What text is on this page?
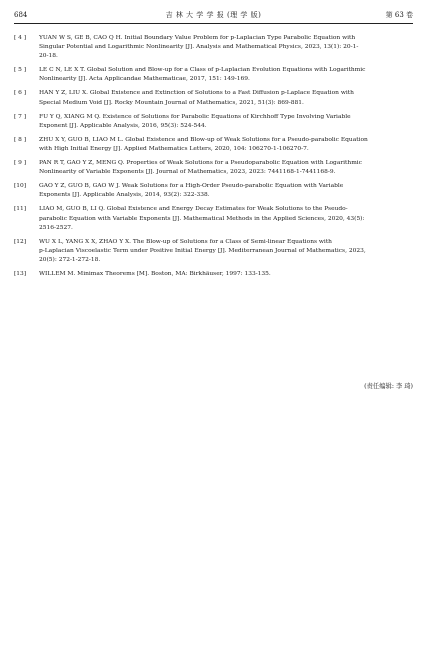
684	吉 林 大 学 学 报 (理 学 版)	第 63 卷
[ 4 ]	YUAN W S, GE B, CAO Q H. Initial Boundary Value Problem for p-Laplacian Type Parabolic Equation with
Singular Potential and Logarithmic Nonlinearity [J]. Analysis and Mathematical Physics, 2023, 13(1): 20-1-
20-18.
[ 5 ]	LE C N, LE X T. Global Solution and Blow-up for a Class of p-Laplacian Evolution Equations with Logarithmic
Nonlinearity [J]. Acta Applicandae Mathematicae, 2017, 151: 149-169.
[ 6 ]	HAN Y Z, LIU X. Global Existence and Extinction of Solutions to a Fast Diffusion p-Laplace Equation with
Special Medium Void [J]. Rocky Mountain Journal of Mathematics, 2021, 51(3): 869-881.
[ 7 ]	FU Y Q, XIANG M Q. Existence of Solutions for Parabolic Equations of Kirchhoff Type Involving Variable
Exponent [J]. Applicable Analysis, 2016, 95(3): 524-544.
[ 8 ]	ZHU X Y, GUO B, LIAO M L. Global Existence and Blow-up of Weak Solutions for a Pseudo-parabolic Equation
with High Initial Energy [J]. Applied Mathematics Letters, 2020, 104: 106270-1-106270-7.
[ 9 ]	PAN R T, GAO Y Z, MENG Q. Properties of Weak Solutions for a Pseudoparabolic Equation with Logarithmic
Nonlinearity of Variable Exponents [J]. Journal of Mathematics, 2023, 2023: 7441168-1-7441168-9.
[10]	GAO Y Z, GUO B, GAO W J. Weak Solutions for a High-Order Pseudo-parabolic Equation with Variable
Exponents [J]. Applicable Analysis, 2014, 93(2): 322-338.
[11]	LIAO M, GUO B, LI Q. Global Existence and Energy Decay Estimates for Weak Solutions to the Pseudo-
parabolic Equation with Variable Exponents [J]. Mathematical Methods in the Applied Sciences, 2020, 43(5):
2516-2527.
[12]	WU X L, YANG X X, ZHAO Y X. The Blow-up of Solutions for a Class of Semi-linear Equations with
p-Laplacian Viscoelastic Term under Positive Initial Energy [J]. Mediterranean Journal of Mathematics, 2023,
20(5): 272-1-272-18.
[13]	WILLEM M. Minimax Theorems [M]. Boston, MA: Birkhäuser, 1997: 133-135.
(责任编辑: 李 琦)
